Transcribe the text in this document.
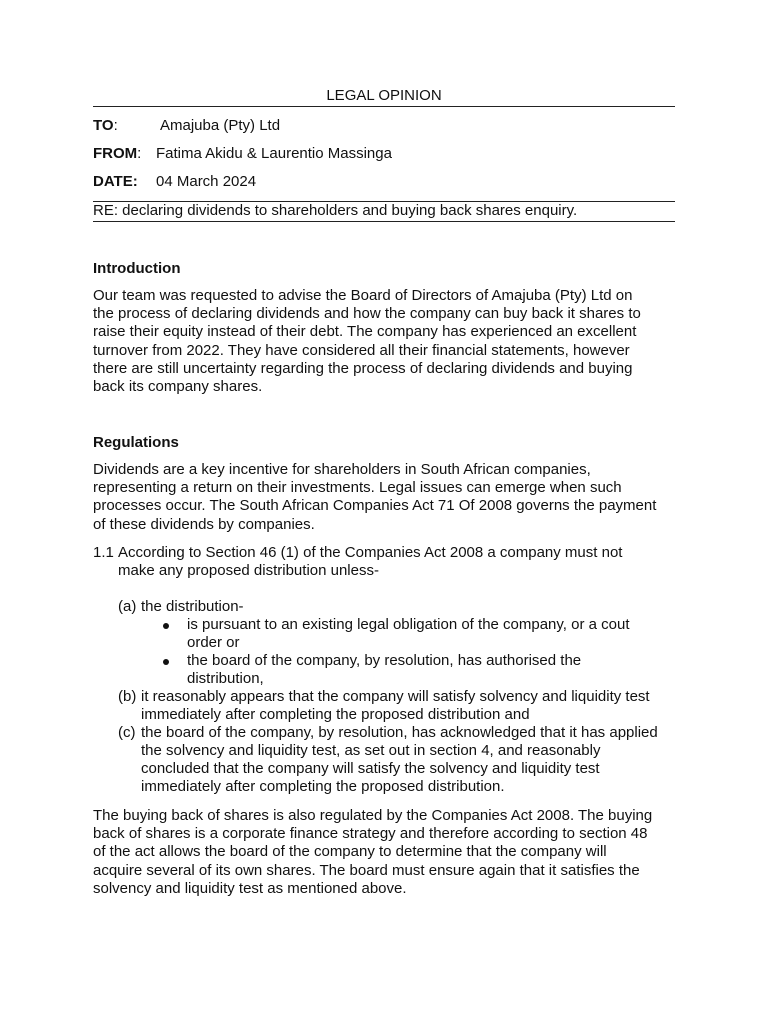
LEGAL OPINION
TO:	Amajuba (Pty) Ltd
FROM: Fatima Akidu & Laurentio Massinga
DATE: 04 March 2024
RE: declaring dividends to shareholders and buying back shares enquiry.
Introduction
Our team was requested to advise the Board of Directors of Amajuba (Pty) Ltd on
the process of declaring dividends and how the company can buy back it shares to
raise their equity instead of their debt. The company has experienced an excellent
turnover from 2022. They have considered all their financial statements, however
there are still uncertainty regarding the process of declaring dividends and buying
back its company shares.
Regulations
Dividends are a key incentive for shareholders in South African companies,
representing a return on their investments. Legal issues can emerge when such
processes occur. The South African Companies Act 71 Of 2008 governs the payment
of these dividends by companies.
1.1 According to Section 46 (1) of the Companies Act 2008 a company must not
make any proposed distribution unless-
(a) the distribution-
is pursuant to an existing legal obligation of the company, or a cout
order or
the board of the company, by resolution, has authorised the
distribution,
(b) it reasonably appears that the company will satisfy solvency and liquidity test
immediately after completing the proposed distribution and
(c) the board of the company, by resolution, has acknowledged that it has applied
the solvency and liquidity test, as set out in section 4, and reasonably
concluded that the company will satisfy the solvency and liquidity test
immediately after completing the proposed distribution.
The buying back of shares is also regulated by the Companies Act 2008. The buying
back of shares is a corporate finance strategy and therefore according to section 48
of the act allows the board of the company to determine that the company will
acquire several of its own shares. The board must ensure again that it satisfies the
solvency and liquidity test as mentioned above.
